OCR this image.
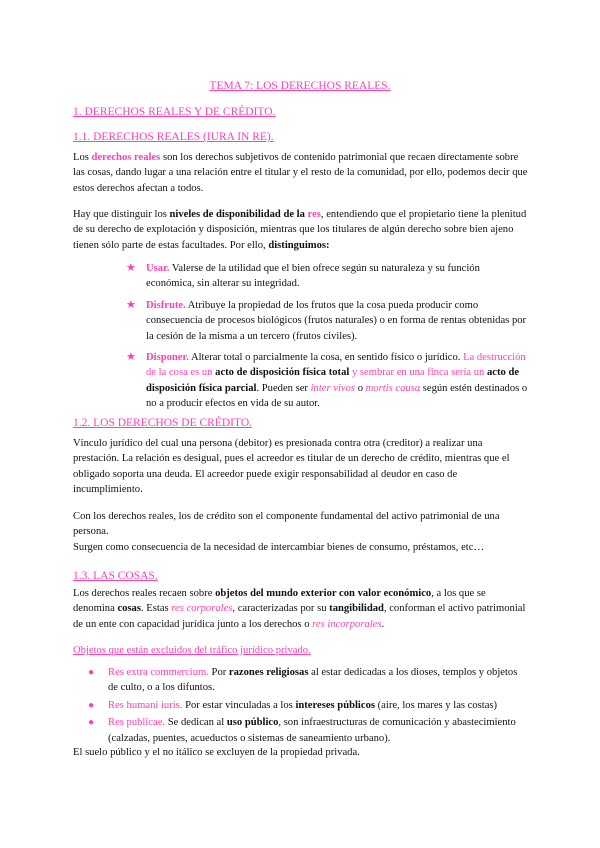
TEMA 7: LOS DERECHOS REALES.
1. DERECHOS REALES Y DE CRÉDITO.
1.1. DERECHOS REALES (IURA IN RE).

Los derechos reales son los derechos subjetivos de contenido patrimonial que recaen directamente sobre las cosas, dando lugar a una relación entre el titular y el resto de la comunidad, por ello, podemos decir que estos derechos afectan a todos.

Hay que distinguir los niveles de disponibilidad de la res, entendiendo que el propietario tiene la plenitud de su derecho de explotación y disposición, mientras que los titulares de algún derecho sobre bien ajeno tienen sólo parte de estas facultades. Por ello, distinguimos:

★ Usar. Valerse de la utilidad que el bien ofrece según su naturaleza y su función económica, sin alterar su integridad.
★ Disfrute. Atribuye la propiedad de los frutos que la cosa pueda producir como consecuencia de procesos biológicos (frutos naturales) o en forma de rentas obtenidas por la cesión de la misma a un tercero (frutos civiles).
★ Disponer. Alterar total o parcialmente la cosa, en sentido físico o jurídico. La destrucción de la cosa es un acto de disposición física total y sembrar en una finca sería un acto de disposición física parcial. Pueden ser inter vivos o mortis causa según estén destinados o no a producir efectos en vida de su autor.
1.2. LOS DERECHOS DE CRÉDITO.

Vínculo jurídico del cual una persona (debitor) es presionada contra otra (creditor) a realizar una prestación. La relación es desigual, pues el acreedor es titular de un derecho de crédito, mientras que el obligado soporta una deuda. El acreedor puede exigir responsabilidad al deudor en caso de incumplimiento.

Con los derechos reales, los de crédito son el componente fundamental del activo patrimonial de una persona.

Surgen como consecuencia de la necesidad de intercambiar bienes de consumo, préstamos, etc…

1.3. LAS COSAS.

Los derechos reales recaen sobre objetos del mundo exterior con valor económico, a los que se denomina cosas. Estas res corporales, caracterizadas por su tangibilidad, conforman el activo patrimonial de un ente con capacidad jurídica junto a los derechos o res incorporales.

Objetos que están excluidos del tráfico jurídico privado.
● Res extra commercium. Por razones religiosas al estar dedicadas a los dioses, templos y objetos de culto, o a los difuntos.
● Res humani iuris. Por estar vinculadas a los intereses públicos (aire, los mares y las costas)
● Res publicae. Se dedican al uso público, son infraestructuras de comunicación y abastecimiento (calzadas, puentes, acueductos o sistemas de saneamiento urbano).

El suelo público y el no itálico se excluyen de la propiedad privada.
